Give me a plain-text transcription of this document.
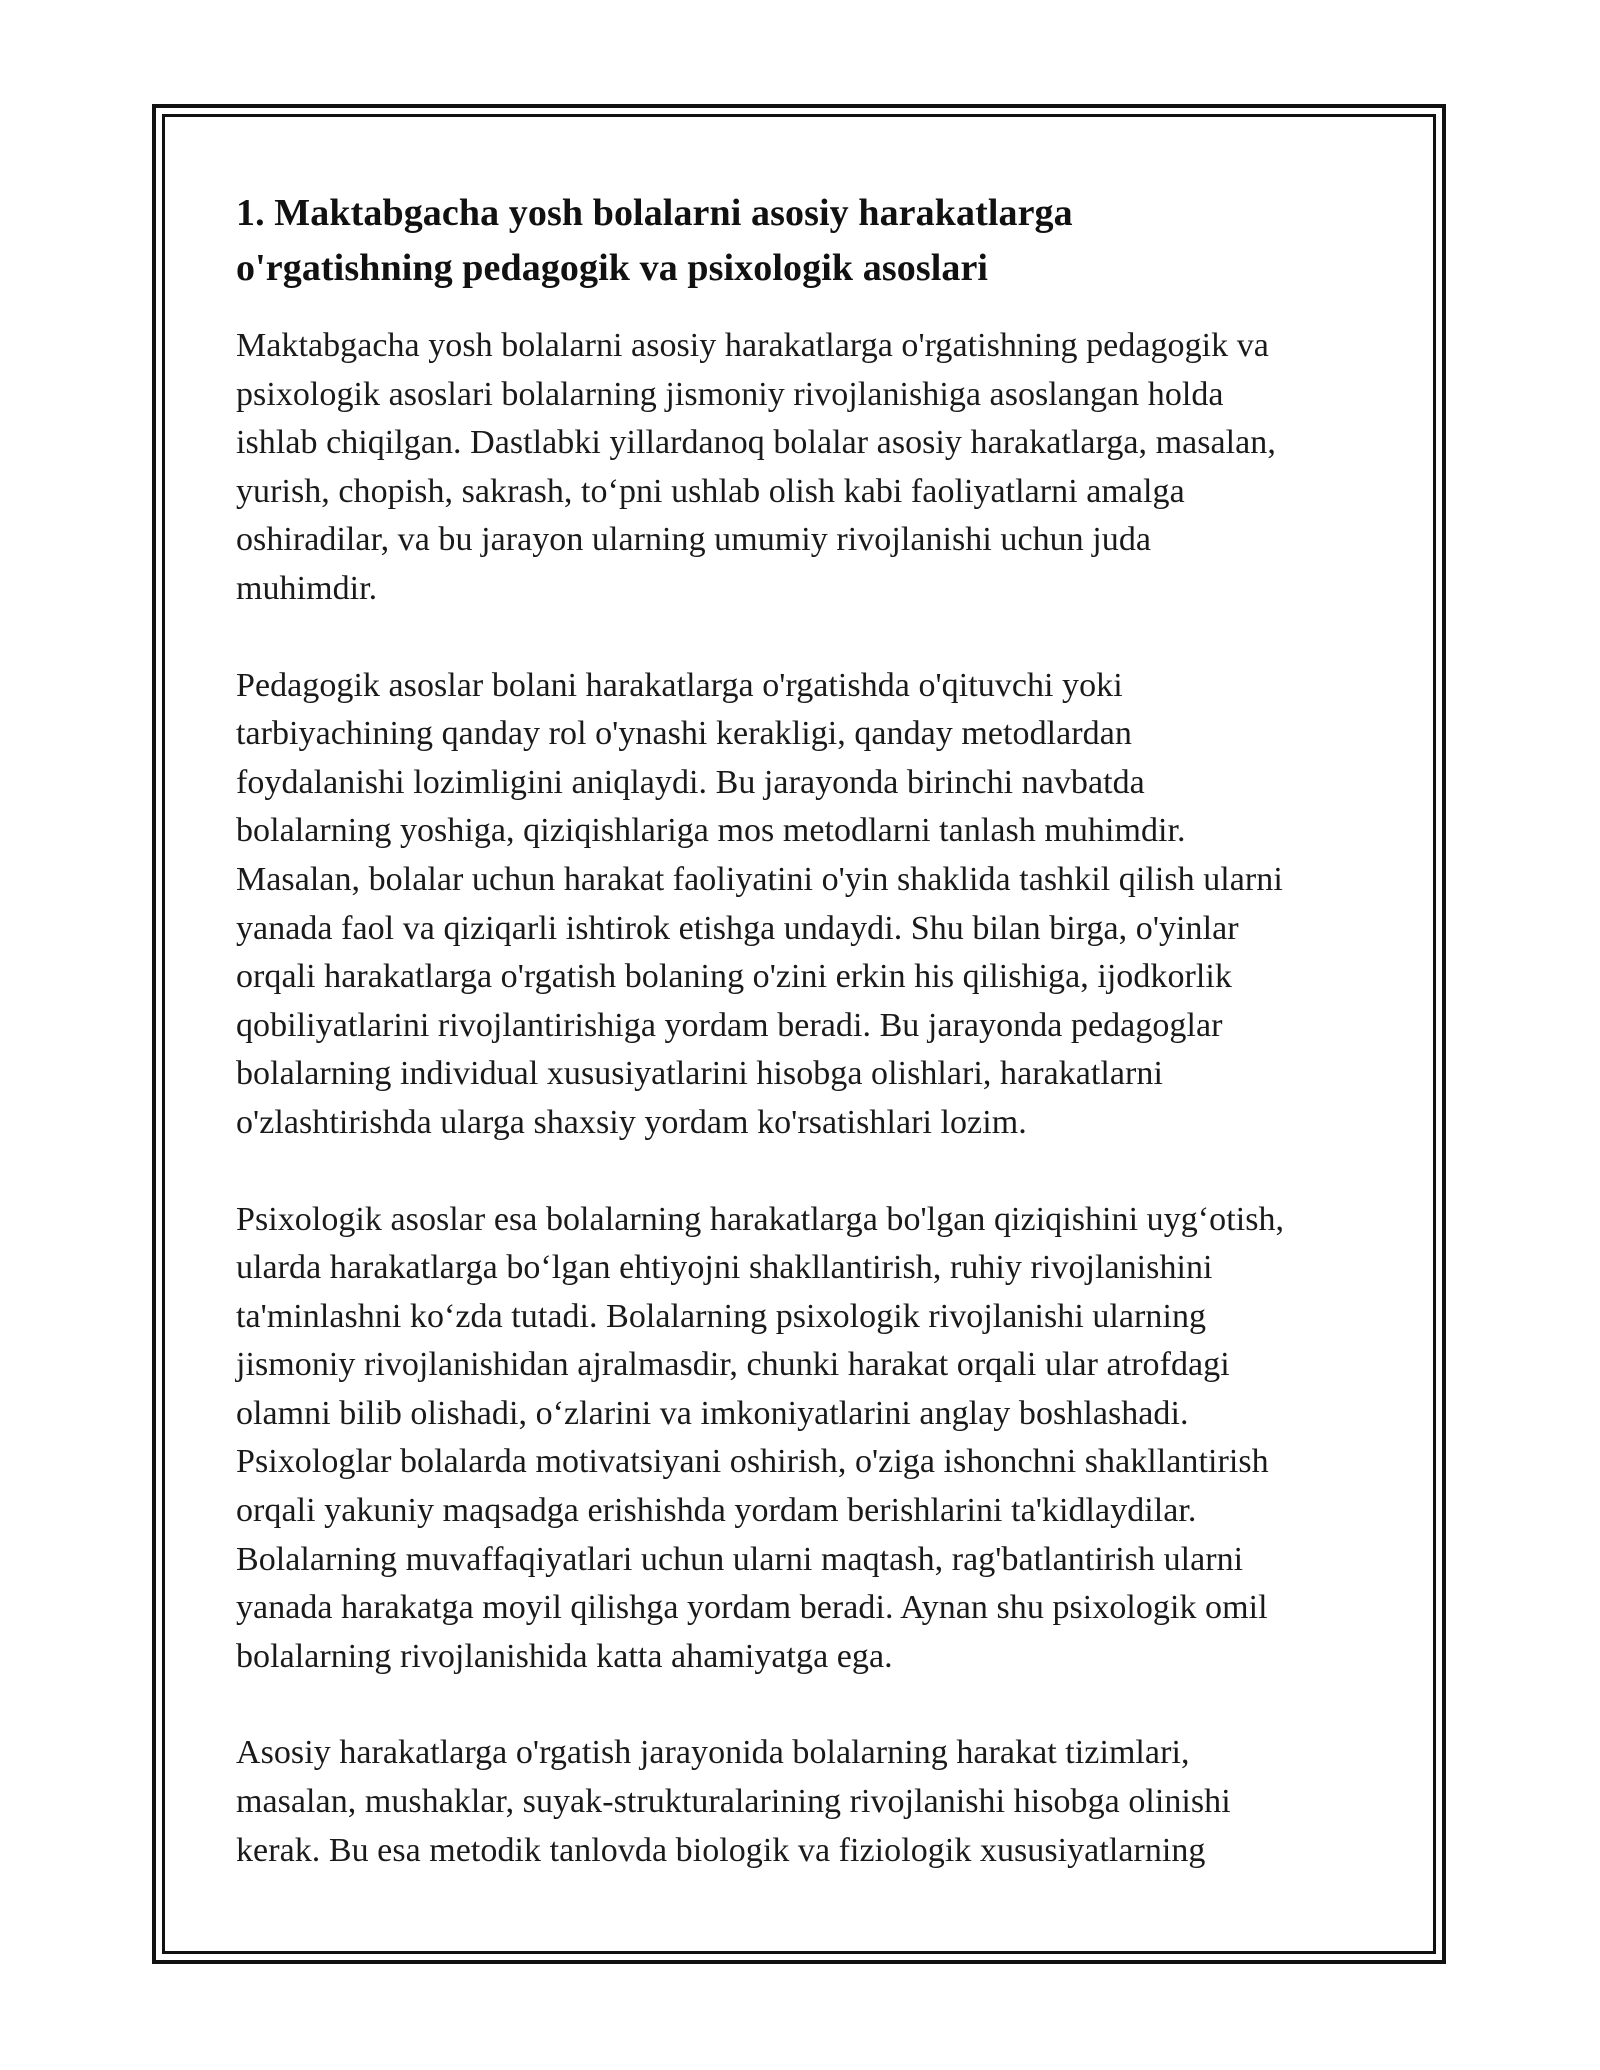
1. Maktabgacha yosh bolalarni asosiy harakatlarga
o'rgatishning pedagogik va psixologik asoslari

Maktabgacha yosh bolalarni asosiy harakatlarga o'rgatishning pedagogik va
psixologik asoslari bolalarning jismoniy rivojlanishiga asoslangan holda
ishlab chiqilgan. Dastlabki yillardanoq bolalar asosiy harakatlarga, masalan,
yurish, chopish, sakrash, to‘pni ushlab olish kabi faoliyatlarni amalga
oshiradilar, va bu jarayon ularning umumiy rivojlanishi uchun juda
muhimdir.

Pedagogik asoslar bolani harakatlarga o'rgatishda o'qituvchi yoki
tarbiyachining qanday rol o'ynashi kerakligi, qanday metodlardan
foydalanishi lozimligini aniqlaydi. Bu jarayonda birinchi navbatda
bolalarning yoshiga, qiziqishlariga mos metodlarni tanlash muhimdir.
Masalan, bolalar uchun harakat faoliyatini o'yin shaklida tashkil qilish ularni
yanada faol va qiziqarli ishtirok etishga undaydi. Shu bilan birga, o'yinlar
orqali harakatlarga o'rgatish bolaning o'zini erkin his qilishiga, ijodkorlik
qobiliyatlarini rivojlantirishiga yordam beradi. Bu jarayonda pedagoglar
bolalarning individual xususiyatlarini hisobga olishlari, harakatlarni
o'zlashtirishda ularga shaxsiy yordam ko'rsatishlari lozim.

Psixologik asoslar esa bolalarning harakatlarga bo'lgan qiziqishini uyg‘otish,
ularda harakatlarga bo‘lgan ehtiyojni shakllantirish, ruhiy rivojlanishini
ta'minlashni ko‘zda tutadi. Bolalarning psixologik rivojlanishi ularning
jismoniy rivojlanishidan ajralmasdir, chunki harakat orqali ular atrofdagi
olamni bilib olishadi, o‘zlarini va imkoniyatlarini anglay boshlashadi.
Psixologlar bolalarda motivatsiyani oshirish, o'ziga ishonchni shakllantirish
orqali yakuniy maqsadga erishishda yordam berishlarini ta'kidlaydilar.
Bolalarning muvaffaqiyatlari uchun ularni maqtash, rag'batlantirish ularni
yanada harakatga moyil qilishga yordam beradi. Aynan shu psixologik omil
bolalarning rivojlanishida katta ahamiyatga ega.

Asosiy harakatlarga o'rgatish jarayonida bolalarning harakat tizimlari,
masalan, mushaklar, suyak-strukturalarining rivojlanishi hisobga olinishi
kerak. Bu esa metodik tanlovda biologik va fiziologik xususiyatlarning
